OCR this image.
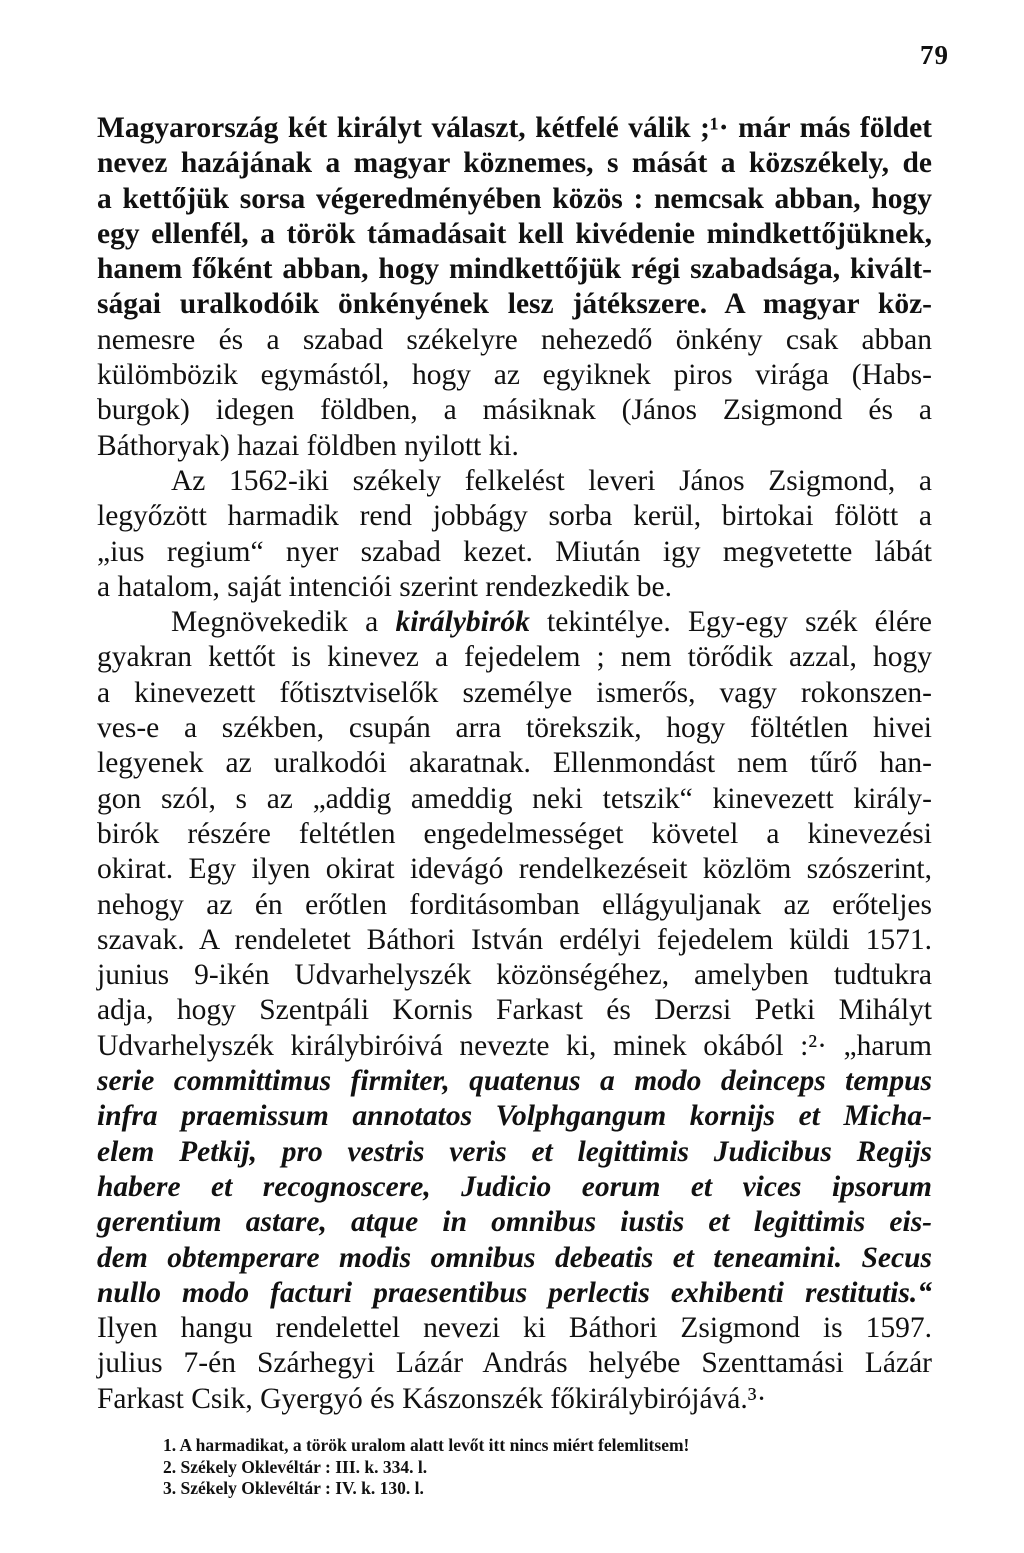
79
Magyarország két királyt választ, kétfelé válik ;¹· már más földet
nevez hazájának a magyar köznemes, s mását a közszékely, de
a kettőjük sorsa végeredményében közös : nemcsak abban, hogy
egy ellenfél, a török támadásait kell kivédenie mindkettőjüknek,
hanem főként abban, hogy mindkettőjük régi szabadsága, kivált-
ságai uralkodóik önkényének lesz játékszere. A magyar köz-
nemesre és a szabad székelyre nehezedő önkény csak abban
külömbözik egymástól, hogy az egyiknek piros virága (Habs-
burgok) idegen földben, a másiknak (János Zsigmond és a
Báthoryak) hazai földben nyilott ki.
Az 1562-iki székely felkelést leveri János Zsigmond, a
legyőzött harmadik rend jobbágy sorba kerül, birtokai fölött a
„ius regium“ nyer szabad kezet. Miután igy megvetette lábát
a hatalom, saját intenciói szerint rendezkedik be.
Megnövekedik a királybirók tekintélye. Egy-egy szék élére
gyakran kettőt is kinevez a fejedelem ; nem törődik azzal, hogy
a kinevezett főtisztviselők személye ismerős, vagy rokonszen-
ves-e a székben, csupán arra törekszik, hogy föltétlen hivei
legyenek az uralkodói akaratnak. Ellenmondást nem tűrő han-
gon szól, s az „addig ameddig neki tetszik“ kinevezett király-
birók részére feltétlen engedelmességet követel a kinevezési
okirat. Egy ilyen okirat idevágó rendelkezéseit közlöm szószerint,
nehogy az én erőtlen forditásomban ellágyuljanak az erőteljes
szavak. A rendeletet Báthori István erdélyi fejedelem küldi 1571.
junius 9-ikén Udvarhelyszék közönségéhez, amelyben tudtukra
adja, hogy Szentpáli Kornis Farkast és Derzsi Petki Mihályt
Udvarhelyszék királybiróivá nevezte ki, minek okából :²· „harum
serie committimus firmiter, quatenus a modo deinceps tempus
infra praemissum annotatos Volphgangum kornijs et Micha-
elem Petkij, pro vestris veris et legittimis Judicibus Regijs
habere et recognoscere, Judicio eorum et vices ipsorum
gerentium astare, atque in omnibus iustis et legittimis eis-
dem obtemperare modis omnibus debeatis et teneamini. Secus
nullo modo facturi praesentibus perlectis exhibenti restitutis.“
Ilyen hangu rendelettel nevezi ki Báthori Zsigmond is 1597.
julius 7-én Szárhegyi Lázár András helyébe Szenttamási Lázár
Farkast Csik, Gyergyó és Kászonszék főkirálybirójává.³·
1. A harmadikat, a török uralom alatt levőt itt nincs miért felemlitsem!
2. Székely Oklevéltár : III. k. 334. l.
3. Székely Oklevéltár : IV. k. 130. l.
